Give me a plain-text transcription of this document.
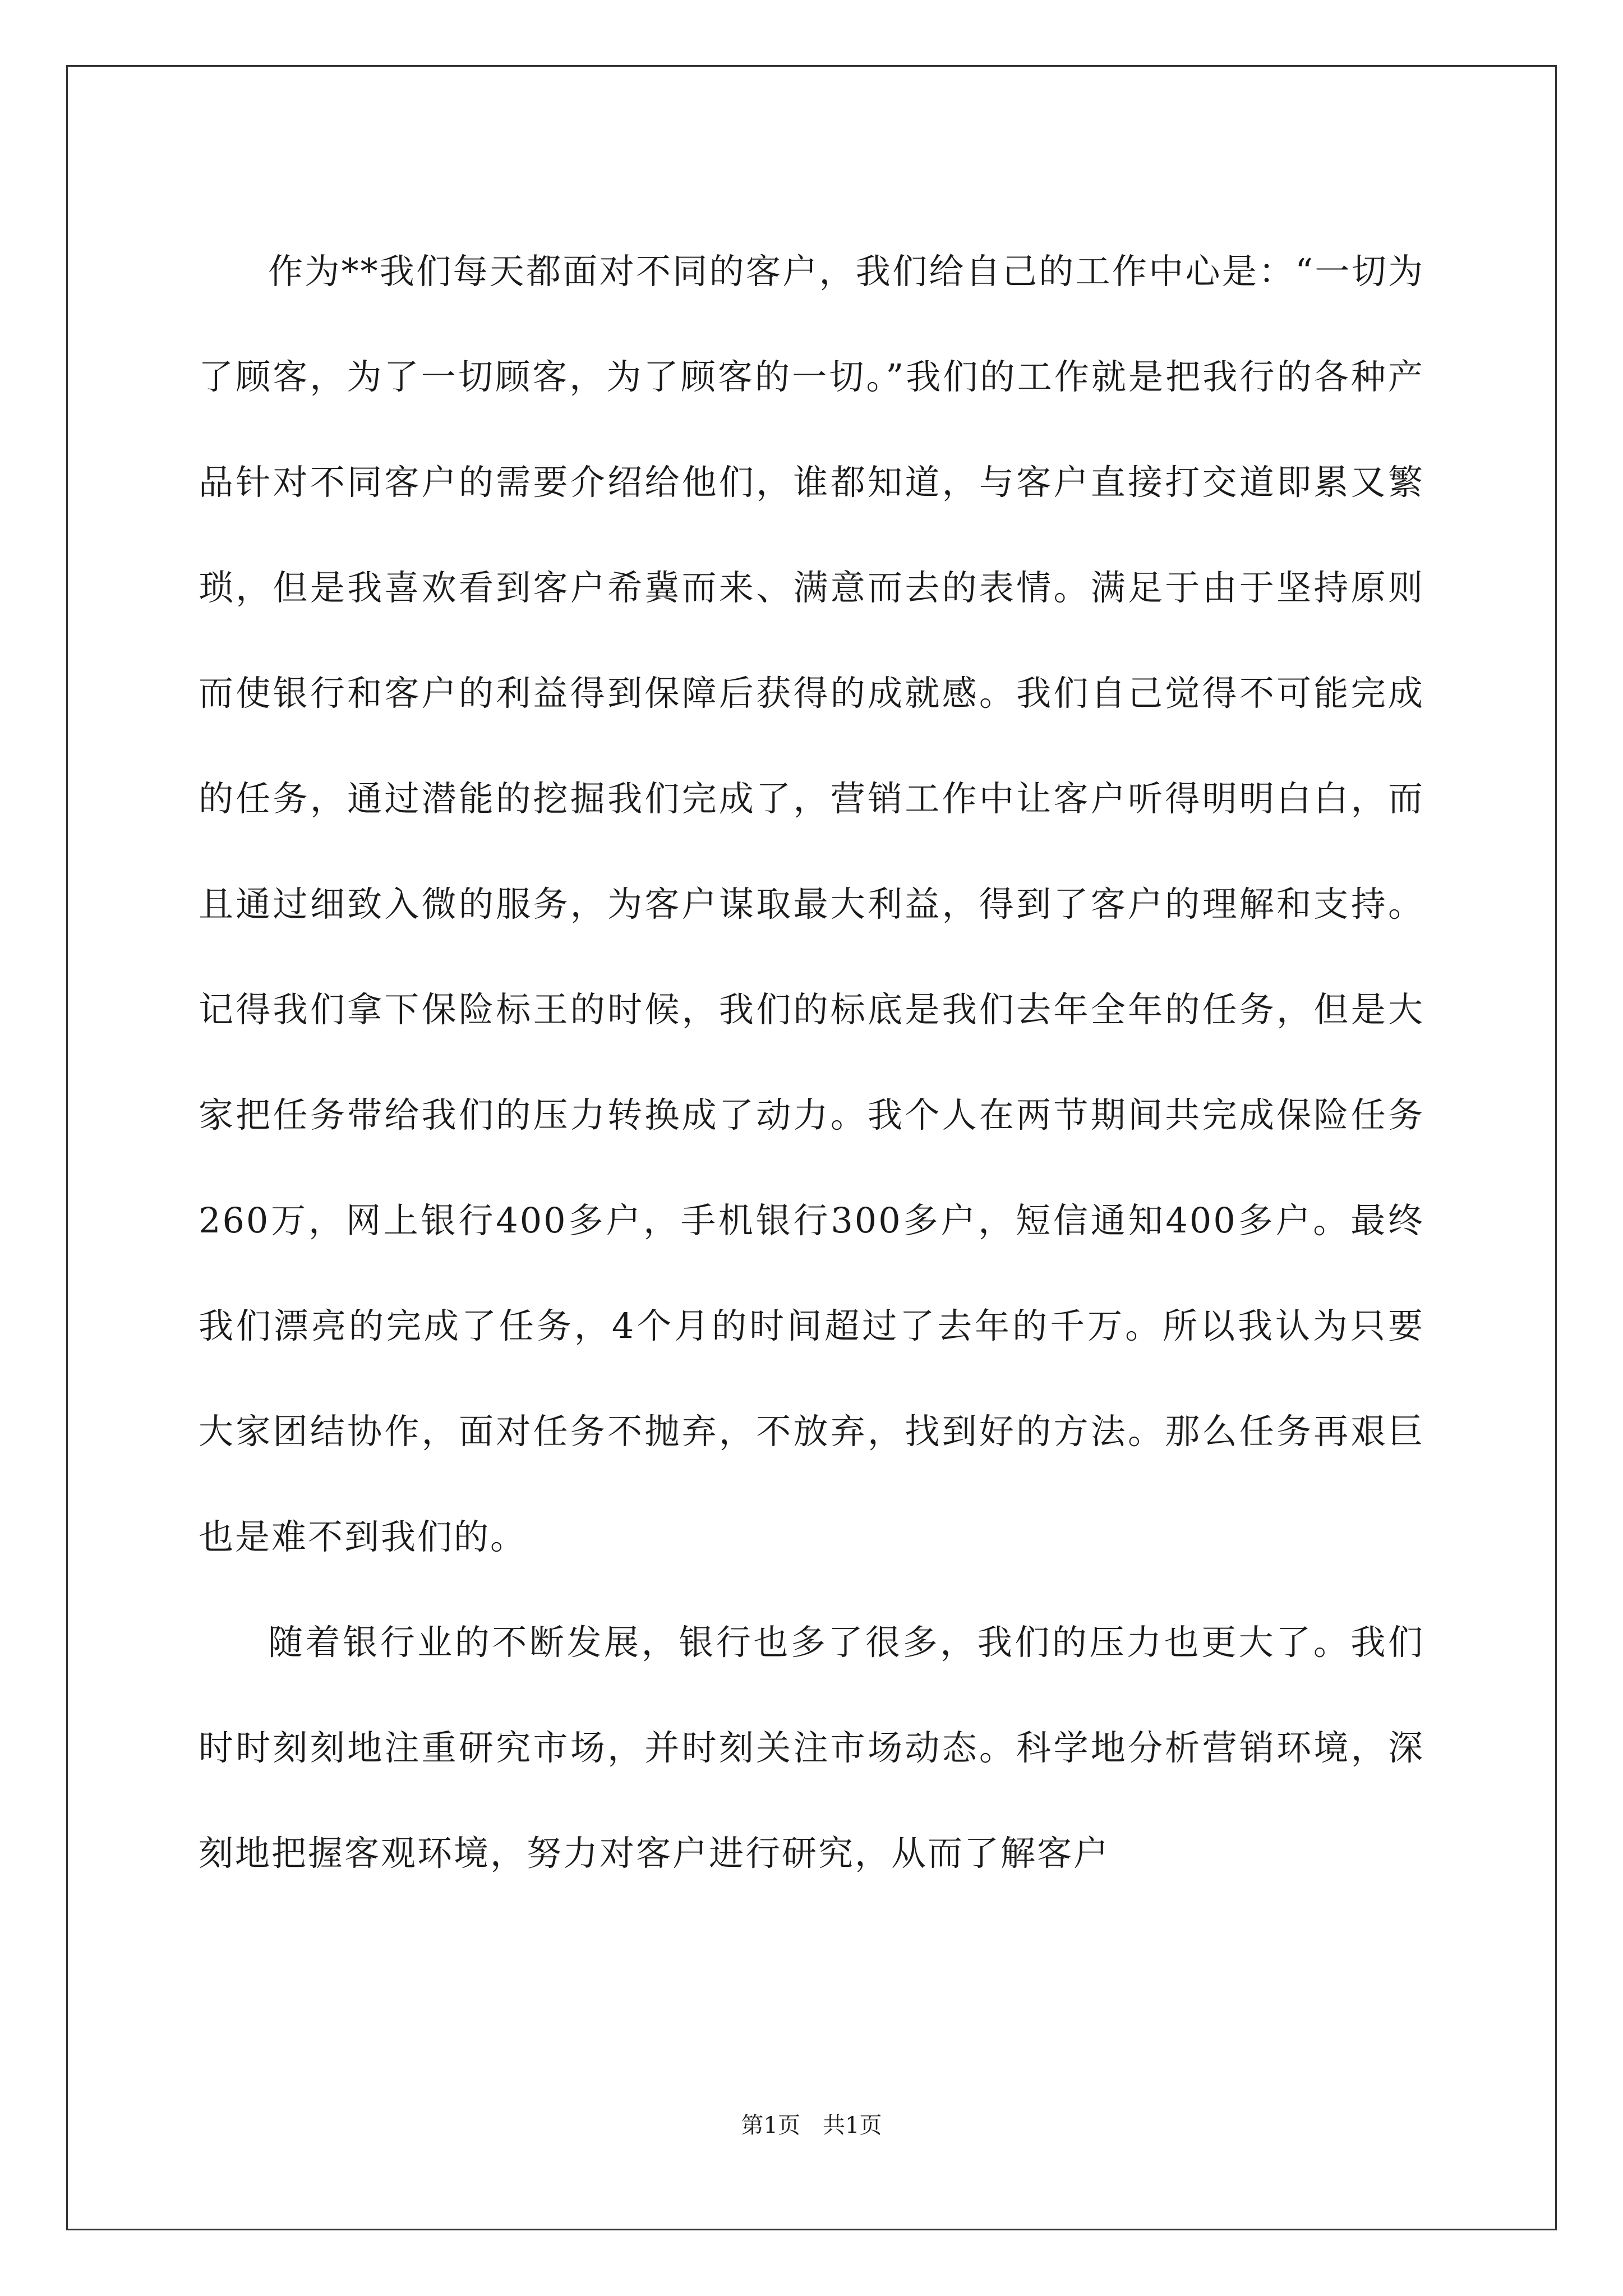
作为**我们每天都面对不同的客户，我们给自己的工作中心是：“一切为了顾客，为了一切顾客，为了顾客的一切。”我们的工作就是把我行的各种产品针对不同客户的需要介绍给他们，谁都知道，与客户直接打交道即累又繁琐，但是我喜欢看到客户希冀而来、满意而去的表情。满足于由于坚持原则而使银行和客户的利益得到保障后获得的成就感。我们自己觉得不可能完成的任务，通过潜能的挖掘我们完成了，营销工作中让客户听得明明白白，而且通过细致入微的服务，为客户谋取最大利益，得到了客户的理解和支持。记得我们拿下保险标王的时候，我们的标底是我们去年全年的任务，但是大家把任务带给我们的压力转换成了动力。我个人在两节期间共完成保险任务260万，网上银行400多户，手机银行300多户，短信通知400多户。最终我们漂亮的完成了任务，4个月的时间超过了去年的千万。所以我认为只要大家团结协作，面对任务不抛弃，不放弃，找到好的方法。那么任务再艰巨也是难不到我们的。

随着银行业的不断发展，银行也多了很多，我们的压力也更大了。我们时时刻刻地注重研究市场，并时刻关注市场动态。科学地分析营销环境，深刻地把握客观环境，努力对客户进行研究，从而了解客户

第1页 共1页
